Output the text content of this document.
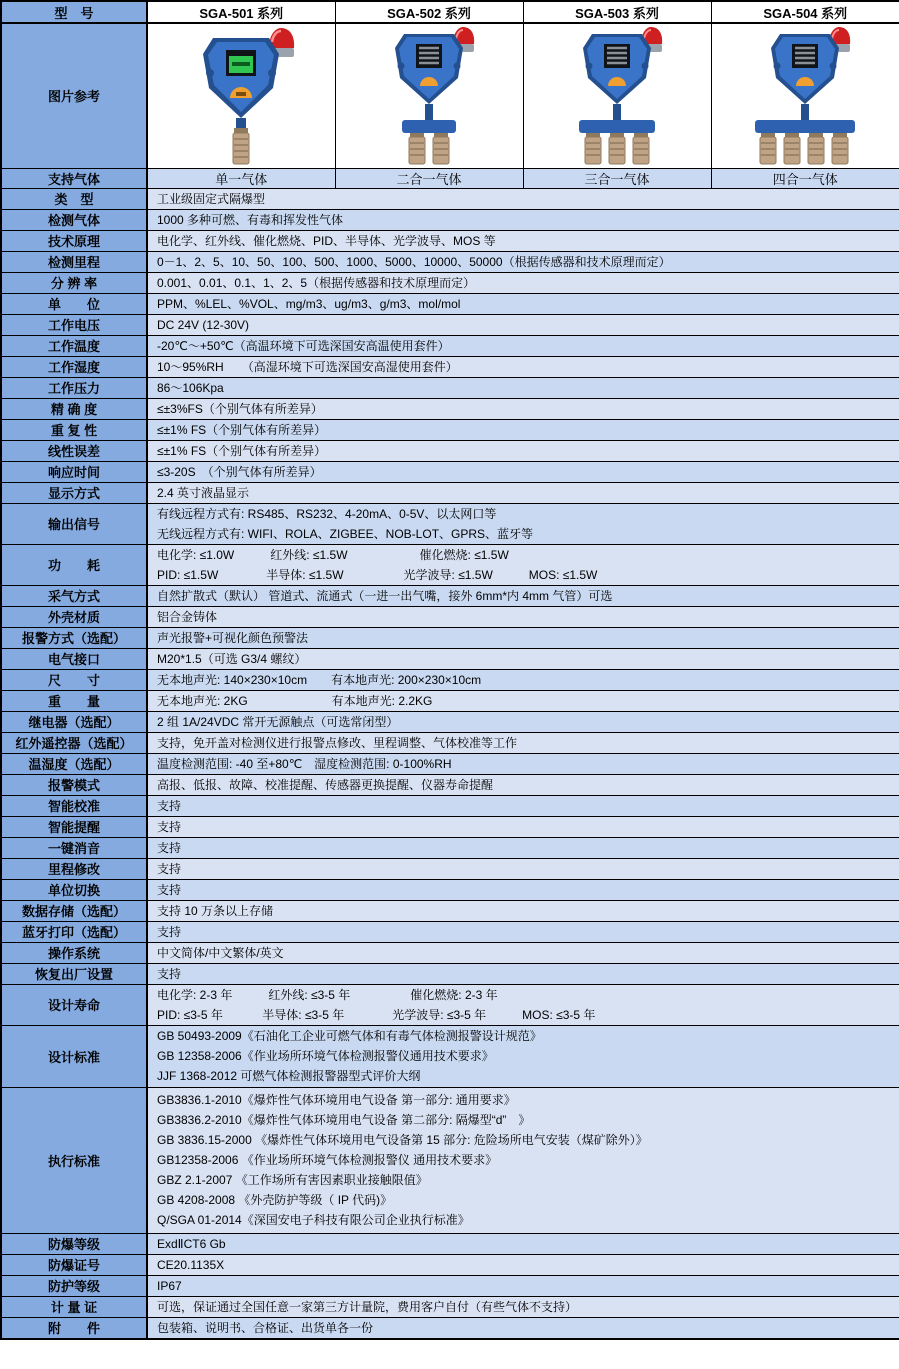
型　号	SGA-501 系列	SGA-502 系列	SGA-503 系列	SGA-504 系列
图片参考	

支持气体	单一气体	二合一气体	三合一气体	四合一气体
类　型	工业级固定式隔爆型			

检测气体	1000 多种可燃、有毒和挥发性气体			

技术原理	电化学、红外线、催化燃烧、PID、半导体、光学波导、MOS 等			

检测里程	0－1、2、5、10、50、100、500、1000、5000、10000、50000（根据传感器和技术原理而定）			

分 辨 率	0.001、0.01、0.1、1、2、5（根据传感器和技术原理而定）			

单　　位	PPM、%LEL、%VOL、mg/m3、ug/m3、g/m3、mol/mol			

工作电压	DC 24V (12-30V)			

工作温度	-20℃～+50℃（高温环境下可选深国安高温使用套件）			

工作湿度	10～95%RH　　（高湿环境下可选深国安高湿使用套件）			

工作压力	86～106Kpa			

精 确 度	≤±3%FS（个别气体有所差异）			

重 复 性	≤±1% FS（个别气体有所差异）			

线性误差	≤±1% FS（个别气体有所差异）			

响应时间	≤3-20S　（个别气体有所差异）			

显示方式	2.4 英寸液晶显示			

输出信号	有线远程方式有: RS485、RS232、4-20mA、0-5V、以太网口等
无线远程方式有: WIFI、ROLA、ZIGBEE、NOB-LOT、GPRS、蓝牙等			

功　　耗	电化学: ≤1.0W　　　红外线: ≤1.5W　　　　　　催化燃烧: ≤1.5W
PID: ≤1.5W　　　　半导体: ≤1.5W　　　　　光学波导: ≤1.5W　　　MOS: ≤1.5W			

采气方式	自然扩散式（默认） 管道式、流通式（一进一出气嘴，接外 6mm*内 4mm 气管）可选			

外壳材质	铝合金铸体			

报警方式（选配）	声光报警+可视化颜色预警法			

电气接口	M20*1.5（可选 G3/4 螺纹）			

尺　　寸	无本地声光: 140×230×10cm　　有本地声光: 200×230×10cm			

重　　量	无本地声光: 2KG　　　　　　　有本地声光: 2.2KG			

继电器（选配）	2 组 1A/24VDC 常开无源触点（可选常闭型）			

红外遥控器（选配）	支持，免开盖对检测仪进行报警点修改、里程调整、气体校准等工作			

温湿度（选配）	温度检测范围: -40 至+80℃　湿度检测范围: 0-100%RH			

报警模式	高报、低报、故障、校准提醒、传感器更换提醒、仪器寿命提醒			

智能校准	支持			

智能提醒	支持			

一键消音	支持			

里程修改	支持			

单位切换	支持			

数据存储（选配）	支持 10 万条以上存储			

蓝牙打印（选配）	支持			

操作系统	中文简体/中文繁体/英文			

恢复出厂设置	支持			

设计寿命	电化学: 2-3 年　　　红外线: ≤3-5 年　　　　　催化燃烧: 2-3 年
PID: ≤3-5 年　　　 半导体: ≤3-5 年　　　　光学波导: ≤3-5 年　　　MOS: ≤3-5 年			

设计标准	GB 50493-2009《石油化工企业可燃气体和有毒气体检测报警设计规范》
GB 12358-2006《作业场所环境气体检测报警仪通用技术要求》
JJF 1368-2012 可燃气体检测报警器型式评价大纲			

执行标准	
GB3836.1-2010《爆炸性气体环境用电气设备 第一部分: 通用要求》
GB3836.2-2010《爆炸性气体环境用电气设备 第二部分: 隔爆型“d”　》
GB 3836.15-2000 《爆炸性气体环境用电气设备第 15 部分: 危险场所电气安装（煤矿除外）》
GB12358-2006 《作业场所环境气体检测报警仪 通用技术要求》
GBZ 2.1-2007 《工作场所有害因素职业接触限值》
GB 4208-2008 《外壳防护等级（ IP 代码)》
Q/SGA 01-2014《深国安电子科技有限公司企业执行标准》

防爆等级	ExdⅡCT6 Gb			

防爆证号	CE20.1135X			

防护等级	IP67			

计 量 证	可选，保证通过全国任意一家第三方计量院，费用客户自付（有些气体不支持）			

附　　件	包装箱、说明书、合格证、出货单各一份			
